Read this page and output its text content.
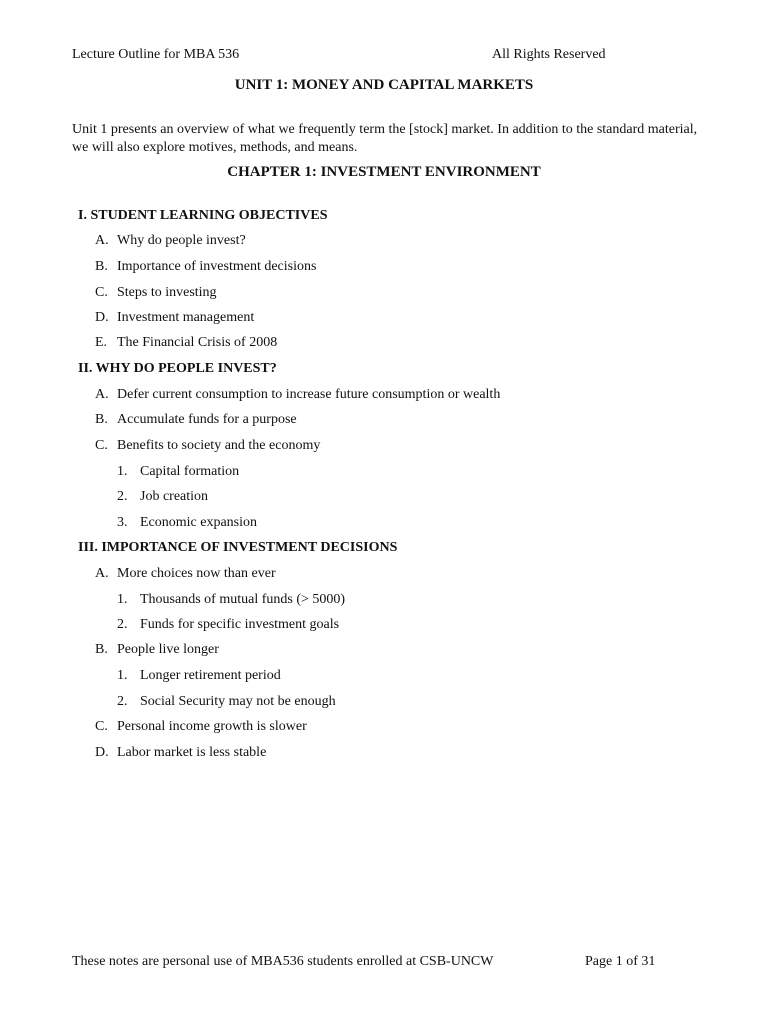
Lecture Outline for MBA 536	All Rights Reserved
UNIT 1: MONEY AND CAPITAL MARKETS
Unit 1 presents an overview of what we frequently term the [stock] market. In addition to the standard material, we will also explore motives, methods, and means.
CHAPTER 1: INVESTMENT ENVIRONMENT
I. STUDENT LEARNING OBJECTIVES
A. Why do people invest?
B. Importance of investment decisions
C. Steps to investing
D. Investment management
E. The Financial Crisis of 2008
II. WHY DO PEOPLE INVEST?
A. Defer current consumption to increase future consumption or wealth
B. Accumulate funds for a purpose
C. Benefits to society and the economy
1. Capital formation
2. Job creation
3. Economic expansion
III. IMPORTANCE OF INVESTMENT DECISIONS
A. More choices now than ever
1. Thousands of mutual funds (> 5000)
2. Funds for specific investment goals
B. People live longer
1. Longer retirement period
2. Social Security may not be enough
C. Personal income growth is slower
D. Labor market is less stable
These notes are personal use of MBA536 students enrolled at CSB-UNCW	Page 1 of 31
